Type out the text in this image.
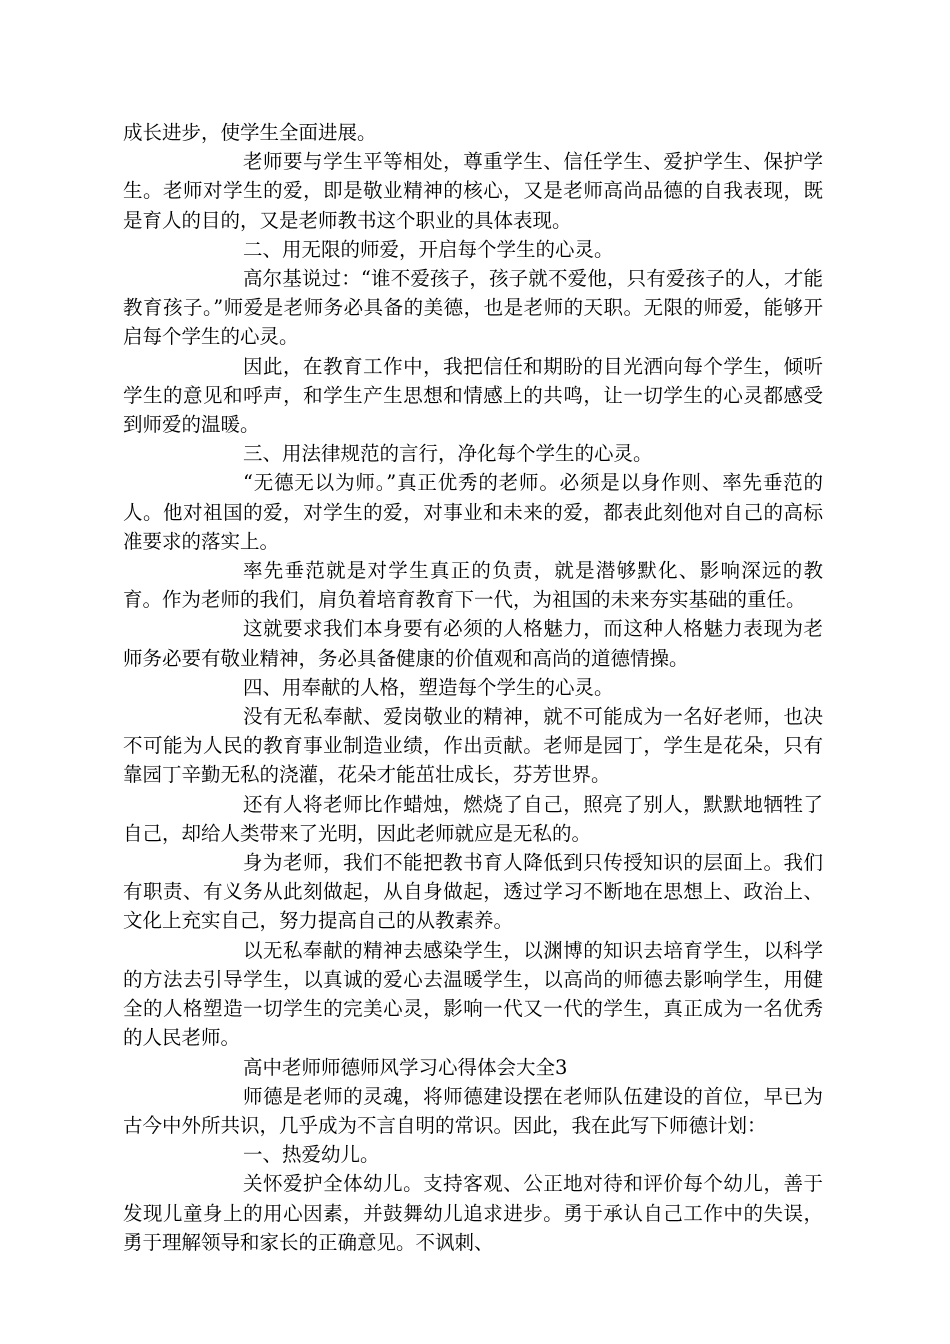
成长进步，使学生全面进展。

老师要与学生平等相处，尊重学生、信任学生、爱护学生、保护学生。老师对学生的爱，即是敬业精神的核心，又是老师高尚品德的自我表现，既是育人的目的，又是老师教书这个职业的具体表现。

二、用无限的师爱，开启每个学生的心灵。

高尔基说过：“谁不爱孩子，孩子就不爱他，只有爱孩子的人，才能教育孩子。”师爱是老师务必具备的美德，也是老师的天职。无限的师爱，能够开启每个学生的心灵。

因此，在教育工作中，我把信任和期盼的目光洒向每个学生，倾听学生的意见和呼声，和学生产生思想和情感上的共鸣，让一切学生的心灵都感受到师爱的温暖。

三、用法律规范的言行，净化每个学生的心灵。

“无德无以为师。”真正优秀的老师。必须是以身作则、率先垂范的人。他对祖国的爱，对学生的爱，对事业和未来的爱，都表此刻他对自己的高标准要求的落实上。

率先垂范就是对学生真正的负责，就是潜够默化、影响深远的教育。作为老师的我们，肩负着培育教育下一代，为祖国的未来夯实基础的重任。

这就要求我们本身要有必须的人格魅力，而这种人格魅力表现为老师务必要有敬业精神，务必具备健康的价值观和高尚的道德情操。

四、用奉献的人格，塑造每个学生的心灵。

没有无私奉献、爱岗敬业的精神，就不可能成为一名好老师，也决不可能为人民的教育事业制造业绩，作出贡献。老师是园丁，学生是花朵，只有靠园丁辛勤无私的浇灌，花朵才能茁壮成长，芬芳世界。

还有人将老师比作蜡烛，燃烧了自己，照亮了别人，默默地牺牲了自己，却给人类带来了光明，因此老师就应是无私的。

身为老师，我们不能把教书育人降低到只传授知识的层面上。我们有职责、有义务从此刻做起，从自身做起，透过学习不断地在思想上、政治上、文化上充实自己，努力提高自己的从教素养。

以无私奉献的精神去感染学生，以渊博的知识去培育学生，以科学的方法去引导学生，以真诚的爱心去温暖学生，以高尚的师德去影响学生，用健全的人格塑造一切学生的完美心灵，影响一代又一代的学生，真正成为一名优秀的人民老师。

高中老师师德师风学习心得体会大全3

师德是老师的灵魂，将师德建设摆在老师队伍建设的首位，早已为古今中外所共识，几乎成为不言自明的常识。因此，我在此写下师德计划：

一、热爱幼儿。

关怀爱护全体幼儿。支持客观、公正地对待和评价每个幼儿，善于发现儿童身上的用心因素，并鼓舞幼儿追求进步。勇于承认自己工作中的失误，勇于理解领导和家长的正确意见。不讽刺、
